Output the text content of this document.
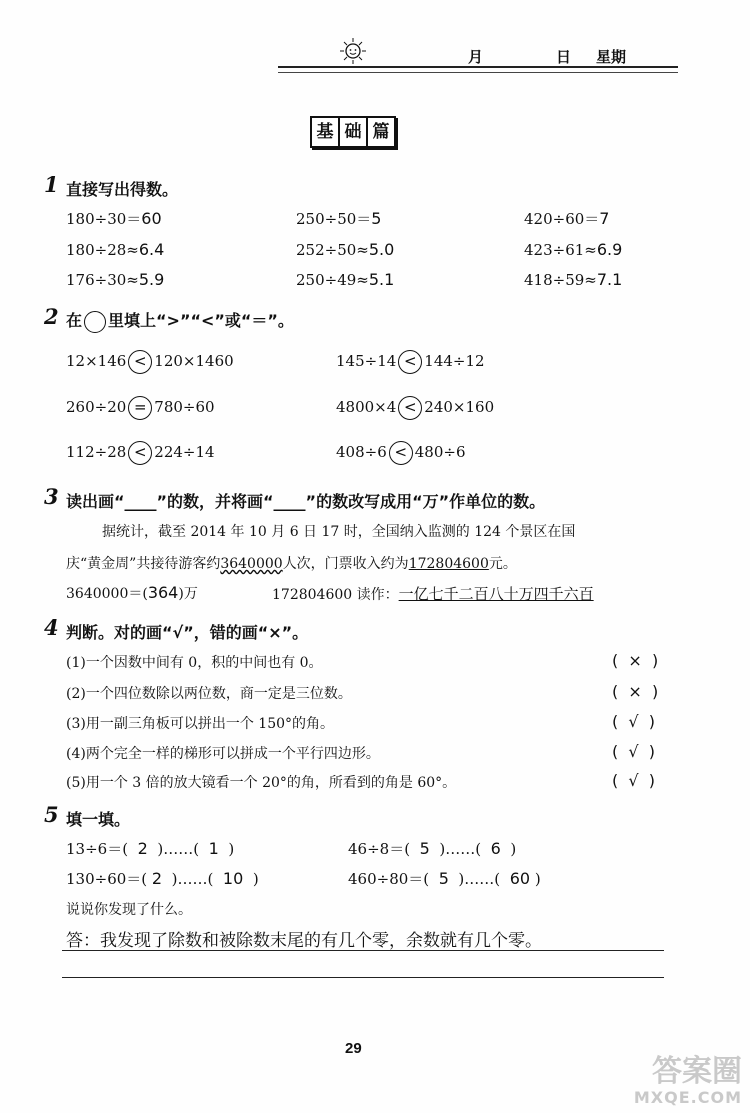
月	日 星期
基 础 篇
1 直接写出得数。
180÷30＝60	250÷50＝5	420÷60＝7
180÷28≈6.4	252÷50≈5.0	423÷61≈6.9
176÷30≈5.9	250÷49≈5.1	418÷59≈7.1
2 在 里填上“>”“<”或“＝”。
12×146 < 120×1460	145÷14 < 144÷12
260÷20 = 780÷60	4800×4 < 240×160
112÷28 < 224÷14	408÷6 < 480÷6
3 读出画“____”的数，并将画“____”的数改写成用“万”作单位的数。
据统计，截至 2014 年 10 月 6 日 17 时，全国纳入监测的 124 个景区在国
庆“黄金周”共接待游客约3640000人次，门票收入约为172804600元。
3640000＝(364)万	172804600 读作：一亿七千二百八十万四千六百
4 判断。对的画“√”，错的画“×”。
(1)一个因数中间有 0，积的中间也有 0。	(  ×  )
(2)一个四位数除以两位数，商一定是三位数。	(  ×  )
(3)用一副三角板可以拼出一个 150°的角。	(  √  )
(4)两个完全一样的梯形可以拼成一个平行四边形。	(  √  )
(5)用一个 3 倍的放大镜看一个 20°的角，所看到的角是 60°。	(  √  )
5 填一填。
13÷6＝( 2 )……( 1 )	46÷8＝( 5 )……( 6 )
130÷60＝( 2 )……( 10 )	460÷80＝( 5 )……( 60 )
说说你发现了什么。
答：我发现了除数和被除数末尾的有几个零，余数就有几个零。
29
答案圈
MXQE.COM
